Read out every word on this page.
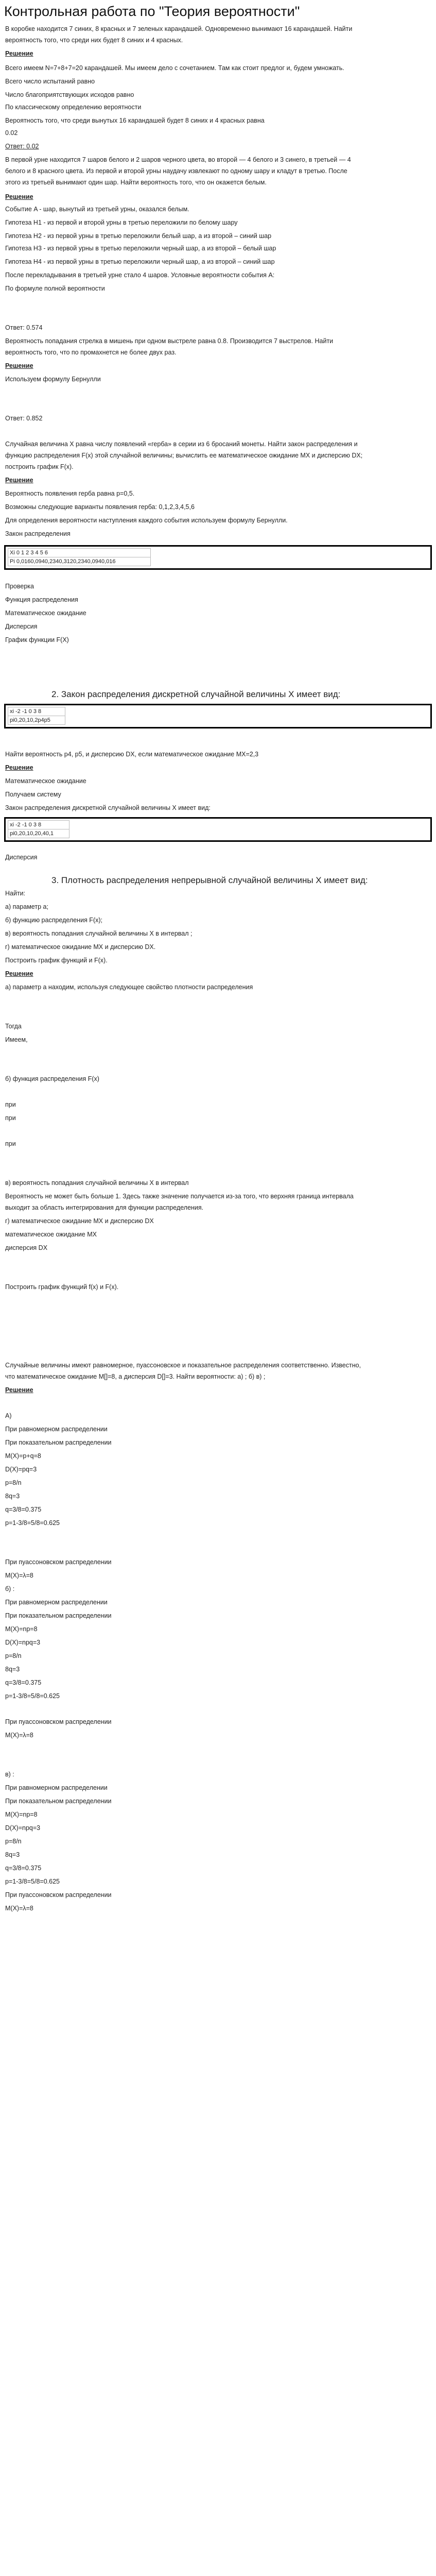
Контрольная работа по "Теория вероятности"
В коробке находится 7 синих, 8 красных и 7 зеленых карандашей. Одновременно вынимают 16 карандашей. Найти
вероятность того, что среди них будет 8 синих и 4 красных.
Решение
Всего имеем N=7+8+7=20 карандашей. Мы имеем дело с сочетанием. Там как стоит предлог и, будем умножать.
Всего число испытаний равно
Число благоприятствующих исходов равно
По классическому определению вероятности
Вероятность того, что среди вынутых 16 карандашей будет 8 синих и 4 красных равна
0.02
Ответ: 0.02
В первой урне находится 7 шаров белого и 2 шаров черного цвета, во второй — 4 белого и 3 синего, в третьей — 4
белого и 8 красного цвета. Из первой и второй урны наудачу извлекают по одному шару и кладут в третью. После
этого из третьей вынимают один шар. Найти вероятность того, что он окажется белым.
Решение
Событие A - шар, вынутый из третьей урны, оказался белым.
Гипотеза H1 - из первой и второй урны в третью переложили по белому шару
Гипотеза H2 - из первой урны в третью переложили белый шар, а из второй – синий шар
Гипотеза H3 - из первой урны в третью переложили черный шар, а из второй – белый шар
Гипотеза H4 - из первой урны в третью переложили черный шар, а из второй – синий шар
После перекладывания в третьей урне стало 4 шаров. Условные вероятности события A:
По формуле полной вероятности
Ответ: 0.574
Вероятность попадания стрелка в мишень при одном выстреле равна 0.8. Производится 7 выстрелов. Найти
вероятность того, что по промахнется не более двух раз.
Решение
Используем формулу Бернулли
Ответ: 0.852
Случайная величина X равна числу появлений «герба» в серии из 6 бросаний монеты. Найти закон распределения и
функцию распределения F(x) этой случайной величины; вычислить ее математическое ожидание MX и дисперсию DX;
построить график F(x).
Решение
Вероятность появления герба равна p=0,5.
Возможны следующие варианты появления герба: 0,1,2,3,4,5,6
Для определения вероятности наступления каждого события используем формулу Бернулли.
Закон распределения
Проверка
Функция распределения
Математическое ожидание
Дисперсия
График функции F(X)
Найти вероятность p4, p5, и дисперсию DX, если математическое ожидание MX=2,3
Решение
Математическое ожидание
Получаем систему
Закон распределения дискретной случайной величины X имеет вид:
Дисперсия
Найти:
а) параметр a;
б) функцию распределения F(x);
в) вероятность попадания случайной величины X в интервал ;
г) математическое ожидание MX и дисперсию DX.
Построить график функций и F(x).
Решение
а) параметр a находим, используя следующее свойство плотности распределения
Тогда
Имеем,
б) функция распределения F(x)
при
при
при
в) вероятность попадания случайной величины X в интервал
Вероятность не может быть больше 1. Здесь также значение получается из-за того, что верхняя граница интервала
выходит за область интегрирования для функции распределения.
г) математическое ожидание MX и дисперсию DX
математическое ожидание MX
дисперсия DX
Построить график функций f(x) и F(x).
Случайные величины имеют равномерное, пуассоновское и показательное распределения соответственно. Известно,
что математическое ожидание M[]=8, а дисперсия D[]=3. Найти вероятности: а) ; б) в) ;
Решение
A)
При равномерном распределении
При показательном распределении
M(X)=p+q=8
D(X)=pq=3
p=8/n
8q=3
q=3/8=0.375
p=1-3/8=5/8=0.625
При пуассоновском распределении
M(X)=λ=8
б) :
При равномерном распределении
При показательном распределении
M(X)=np=8
D(X)=npq=3
p=8/n
8q=3
q=3/8=0.375
p=1-3/8=5/8=0.625
При пуассоновском распределении
M(X)=λ=8
в) :
При равномерном распределении
При показательном распределении
M(X)=np=8
D(X)=npq=3
p=8/n
8q=3
q=3/8=0.375
p=1-3/8=5/8=0.625
При пуассоновском распределении
M(X)=λ=8
Xi 0 1 2 3 4 5 6
Pi 0,0160,0940,2340,3120,2340,0940,016
xi -2 -1 0 3 8
pi0,20,10,2p4p5
xi -2 -1 0 3 8
pi0,20,10,20,40,1
2. Закон распределения дискретной случайной величины X имеет вид:
3. Плотность распределения непрерывной случайной величины X имеет вид:
